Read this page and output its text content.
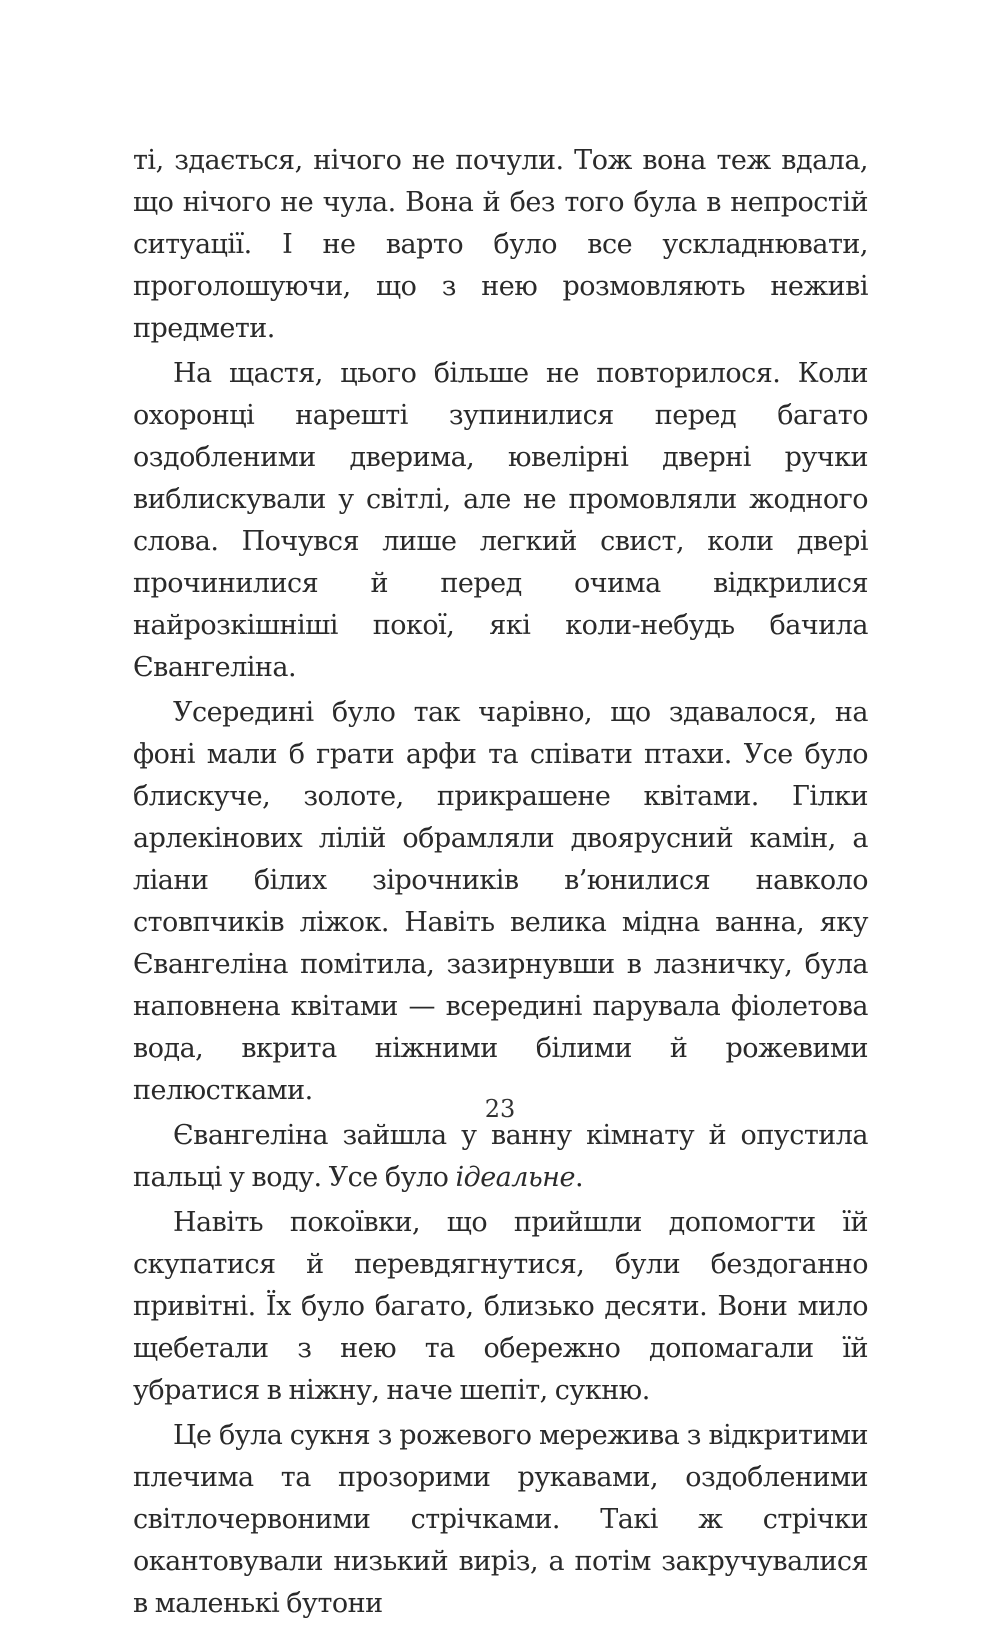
ті, здається, нічого не почули. Тож вона теж вдала, що нічого не чула. Вона й без того була в непростій ситуації. І не варто було все ускладнювати, проголошуючи, що з нею розмовляють неживі предмети.

На щастя, цього більше не повторилося. Коли охоронці нарешті зупинилися перед багато оздобленими дверима, ювелірні дверні ручки виблискували у світлі, але не промовляли жодного слова. Почувся лише легкий свист, коли двері прочинилися й перед очима відкрилися найрозкішніші покої, які коли-небудь бачила Євангеліна.

Усередині було так чарівно, що здавалося, на фоні мали б грати арфи та співати птахи. Усе було блискуче, золоте, прикрашене квітами. Гілки арлекінових лілій обрамляли двоярусний камін, а ліани білих зірочників в’юнилися навколо стовпчиків ліжок. Навіть велика мідна ванна, яку Євангеліна помітила, зазирнувши в лазничку, була наповнена квітами — всередині парувала фіолетова вода, вкрита ніжними білими й рожевими пелюстками.

Євангеліна зайшла у ванну кімнату й опустила пальці у воду. Усе було ідеальне.

Навіть покоївки, що прийшли допомогти їй скупатися й перевдягнутися, були бездоганно привітні. Їх було багато, близько десяти. Вони мило щебетали з нею та обережно допомагали їй убратися в ніжну, наче шепіт, сукню.

Це була сукня з рожевого мережива з відкритими плечима та прозорими рукавами, оздобленими світлочервоними стрічками. Такі ж стрічки окантовували низький виріз, а потім закручувалися в маленькі бутони

23
